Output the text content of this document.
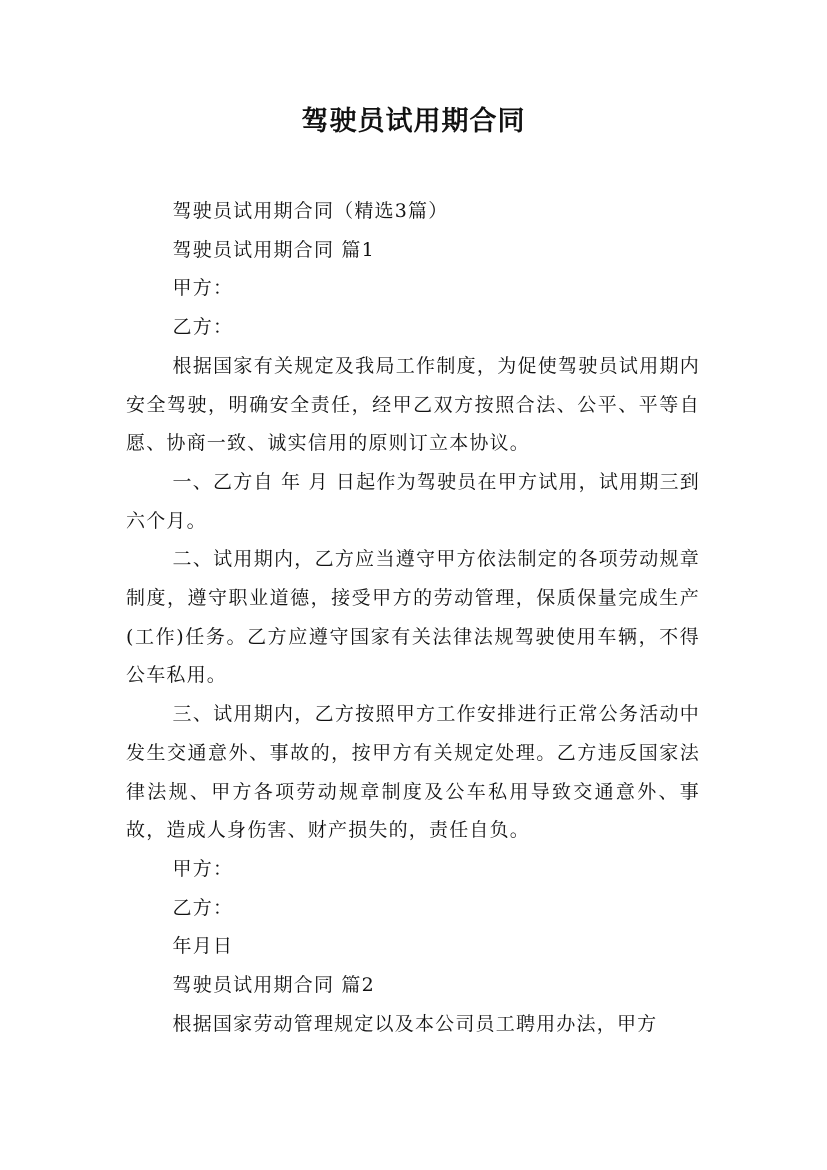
驾驶员试用期合同

驾驶员试用期合同（精选3篇）

驾驶员试用期合同 篇1

甲方：

乙方：

根据国家有关规定及我局工作制度，为促使驾驶员试用期内安全驾驶，明确安全责任，经甲乙双方按照合法、公平、平等自愿、协商一致、诚实信用的原则订立本协议。

一、乙方自 年 月 日起作为驾驶员在甲方试用，试用期三到六个月。

二、试用期内，乙方应当遵守甲方依法制定的各项劳动规章制度，遵守职业道德，接受甲方的劳动管理，保质保量完成生产(工作)任务。乙方应遵守国家有关法律法规驾驶使用车辆，不得公车私用。

三、试用期内，乙方按照甲方工作安排进行正常公务活动中发生交通意外、事故的，按甲方有关规定处理。乙方违反国家法律法规、甲方各项劳动规章制度及公车私用导致交通意外、事故，造成人身伤害、财产损失的，责任自负。

甲方：

乙方：

年月日

驾驶员试用期合同 篇2

根据国家劳动管理规定以及本公司员工聘用办法，甲方
